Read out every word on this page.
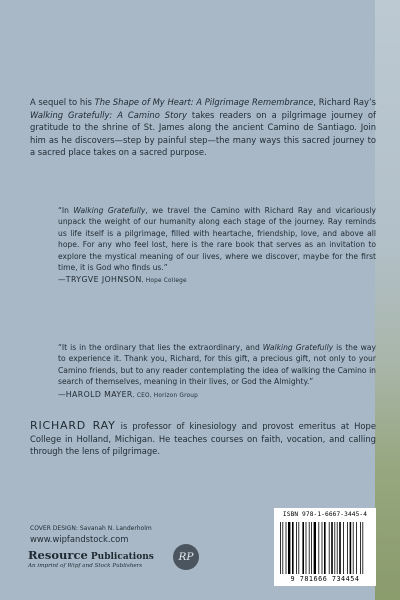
A sequel to his The Shape of My Heart: A Pilgrimage Remembrance, Richard Ray’s Walking Gratefully: A Camino Story takes readers on a pilgrimage journey of gratitude to the shrine of St. James along the ancient Camino de Santiago. Join him as he discovers—step by painful step—the many ways this sacred journey to a sacred place takes on a sacred purpose.
“In Walking Gratefully, we travel the Camino with Richard Ray and vicariously unpack the weight of our humanity along each stage of the journey. Ray reminds us life itself is a pilgrimage, filled with heartache, friendship, love, and above all hope. For any who feel lost, here is the rare book that serves as an invitation to explore the mystical meaning of our lives, where we discover, maybe for the first time, it is God who finds us.”
—TRYGVE JOHNSON, Hope College
“It is in the ordinary that lies the extraordinary, and Walking Gratefully is the way to experience it. Thank you, Richard, for this gift, a precious gift, not only to your Camino friends, but to any reader contemplating the idea of walking the Camino in search of themselves, meaning in their lives, or God the Almighty.”
—HAROLD MAYER, CEO, Horizon Group
RICHARD RAY is professor of kinesiology and provost emeritus at Hope College in Holland, Michigan. He teaches courses on faith, vocation, and calling through the lens of pilgrimage.
COVER DESIGN: Savanah N. Landerholm
www.wipfandstock.com
Resource Publications
An imprint of Wipf and Stock Publishers
RP
ISBN 978-1-6667-3445-4
9 781666 734454
